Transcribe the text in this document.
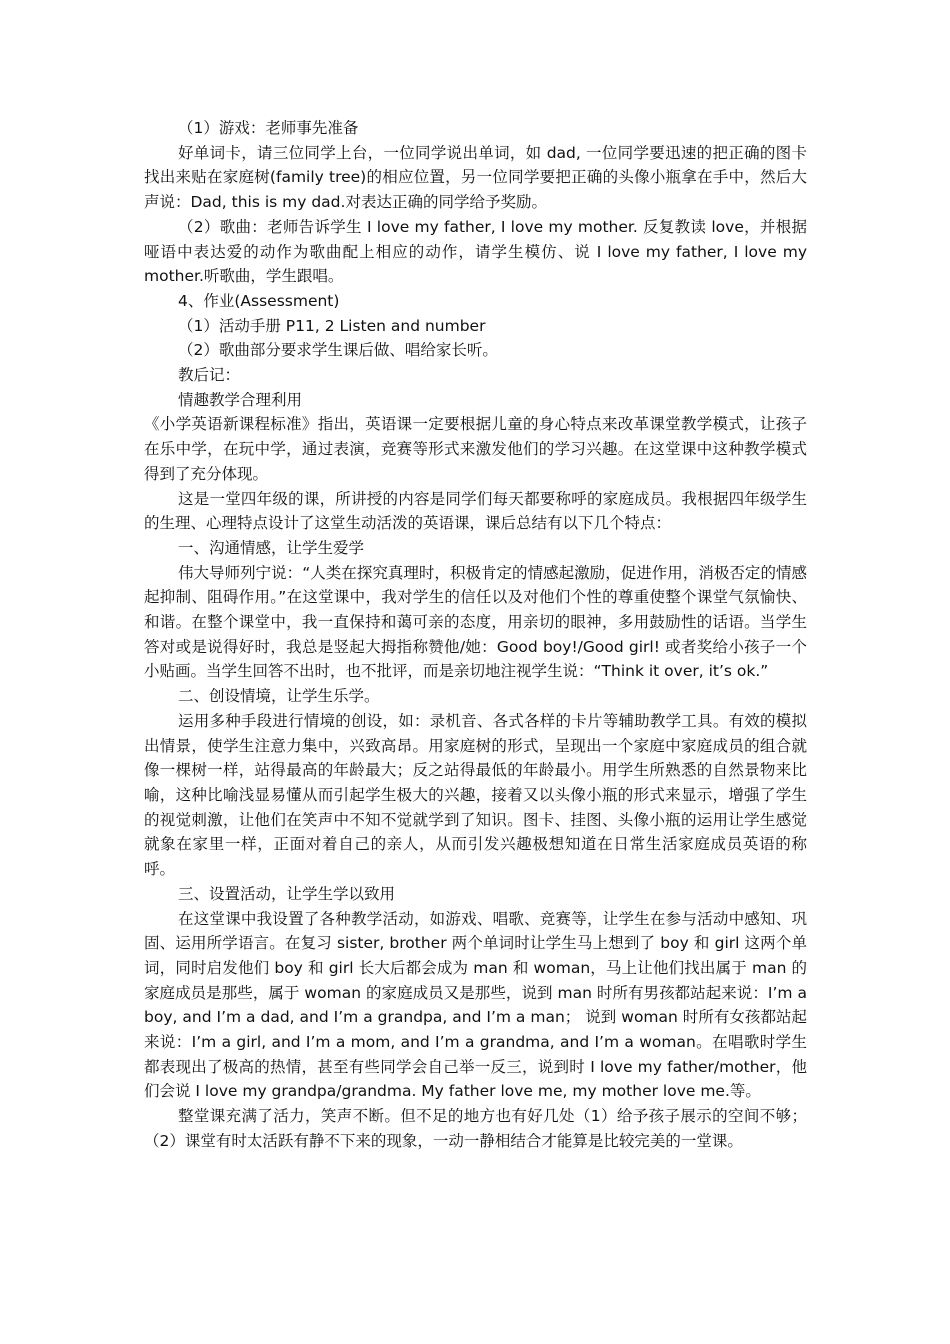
（1）游戏：老师事先准备

好单词卡，请三位同学上台，一位同学说出单词，如 dad, 一位同学要迅速的把正确的图卡找出来贴在家庭树(family tree)的相应位置，另一位同学要把正确的头像小瓶拿在手中，然后大声说：Dad, this is my dad.对表达正确的同学给予奖励。

（2）歌曲：老师告诉学生 I love my father, I love my mother. 反复教读 love，并根据哑语中表达爱的动作为歌曲配上相应的动作，请学生模仿、说 I love my father, I love my mother.听歌曲，学生跟唱。

4、作业(Assessment)

（1）活动手册 P11, 2 Listen and number

（2）歌曲部分要求学生课后做、唱给家长听。

教后记：

情趣教学合理利用

《小学英语新课程标准》指出，英语课一定要根据儿童的身心特点来改革课堂教学模式，让孩子在乐中学，在玩中学，通过表演，竞赛等形式来激发他们的学习兴趣。在这堂课中这种教学模式得到了充分体现。

这是一堂四年级的课，所讲授的内容是同学们每天都要称呼的家庭成员。我根据四年级学生的生理、心理特点设计了这堂生动活泼的英语课，课后总结有以下几个特点：

一、沟通情感，让学生爱学

伟大导师列宁说：“人类在探究真理时，积极肯定的情感起激励，促进作用，消极否定的情感起抑制、阻碍作用。”在这堂课中，我对学生的信任以及对他们个性的尊重使整个课堂气氛愉快、和谐。在整个课堂中，我一直保持和蔼可亲的态度，用亲切的眼神，多用鼓励性的话语。当学生答对或是说得好时，我总是竖起大拇指称赞他/她：Good boy!/Good girl! 或者奖给小孩子一个小贴画。当学生回答不出时，也不批评，而是亲切地注视学生说：“Think it over, it’s ok.”

二、创设情境，让学生乐学。

运用多种手段进行情境的创设，如：录机音、各式各样的卡片等辅助教学工具。有效的模拟出情景，使学生注意力集中，兴致高昂。用家庭树的形式，呈现出一个家庭中家庭成员的组合就像一棵树一样，站得最高的年龄最大；反之站得最低的年龄最小。用学生所熟悉的自然景物来比喻，这种比喻浅显易懂从而引起学生极大的兴趣，接着又以头像小瓶的形式来显示，增强了学生的视觉刺激，让他们在笑声中不知不觉就学到了知识。图卡、挂图、头像小瓶的运用让学生感觉就象在家里一样，正面对着自己的亲人，从而引发兴趣极想知道在日常生活家庭成员英语的称呼。

三、设置活动，让学生学以致用

在这堂课中我设置了各种教学活动，如游戏、唱歌、竞赛等，让学生在参与活动中感知、巩固、运用所学语言。在复习 sister, brother 两个单词时让学生马上想到了 boy 和 girl 这两个单词，同时启发他们 boy 和 girl 长大后都会成为 man 和 woman，马上让他们找出属于 man 的家庭成员是那些，属于 woman 的家庭成员又是那些，说到 man 时所有男孩都站起来说：I’m a boy, and I’m a dad, and I’m a grandpa, and I’m a man； 说到 woman 时所有女孩都站起来说：I’m a girl, and I’m a mom, and I’m a grandma, and I’m a woman。在唱歌时学生都表现出了极高的热情，甚至有些同学会自己举一反三，说到时 I love my father/mother，他们会说 I love my grandpa/grandma. My father love me, my mother love me.等。

整堂课充满了活力，笑声不断。但不足的地方也有好几处（1）给予孩子展示的空间不够；（2）课堂有时太活跃有静不下来的现象，一动一静相结合才能算是比较完美的一堂课。
